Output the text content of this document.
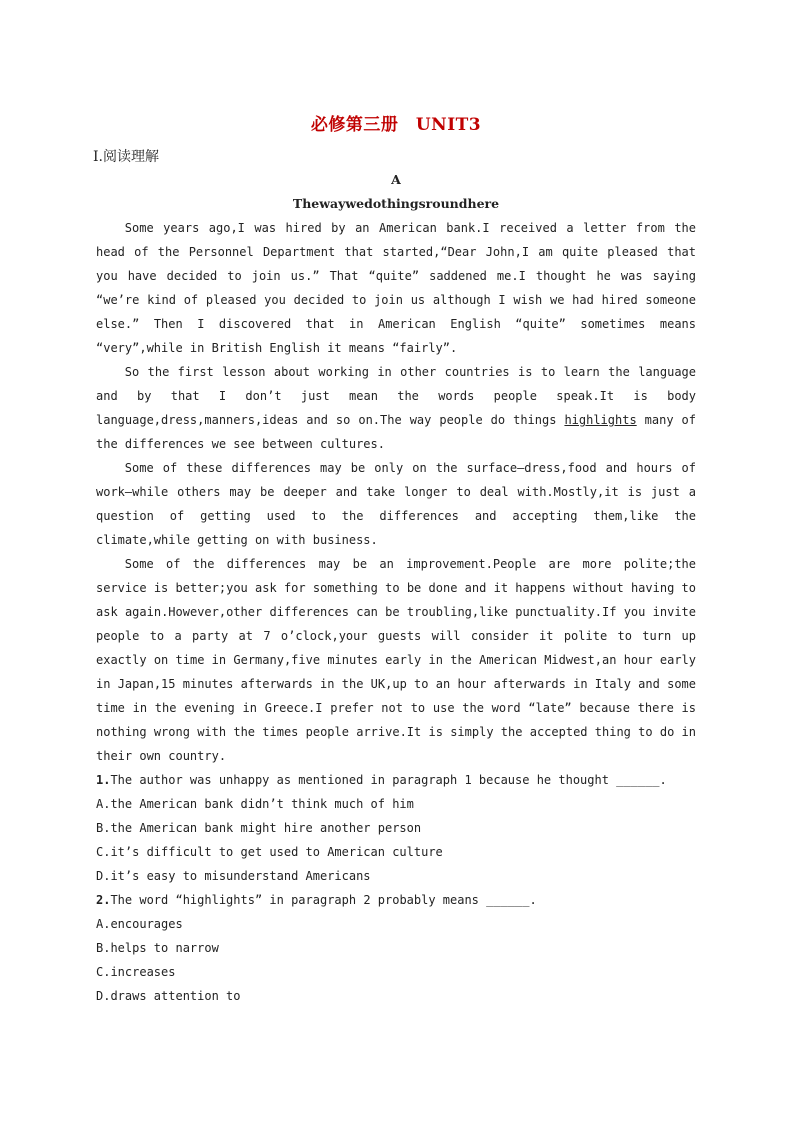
必修第三册　UNIT3
Ⅰ.阅读理解
A
Thewaywedothingsroundhere

Some years ago,I was hired by an American bank.I received a letter from the head of the Personnel Department that started,“Dear John,I am quite pleased that you have decided to join us.” That “quite” saddened me.I thought he was saying “we’re kind of pleased you decided to join us although I wish we had hired someone else.” Then I discovered that in American English “quite” sometimes means “very”,while in British English it means “fairly”.

So the first lesson about working in other countries is to learn the language and by that I don’t just mean the words people speak.It is body language,dress,manners,ideas and so on.The way people do things highlights many of the differences we see between cultures.

Some of these differences may be only on the surface—dress,food and hours of work—while others may be deeper and take longer to deal with.Mostly,it is just a question of getting used to the differences and accepting them,like the climate,while getting on with business.

Some of the differences may be an improvement.People are more polite;the service is better;you ask for something to be done and it happens without having to ask again.However,other differences can be troubling,like punctuality.If you invite people to a party at 7 o’clock,your guests will consider it polite to turn up exactly on time in Germany,five minutes early in the American Midwest,an hour early in Japan,15 minutes afterwards in the UK,up to an hour afterwards in Italy and some time in the evening in Greece.I prefer not to use the word “late” because there is nothing wrong with the times people arrive.It is simply the accepted thing to do in their own country.

1.The author was unhappy as mentioned in paragraph 1 because he thought ______.
A.the American bank didn’t think much of him
B.the American bank might hire another person
C.it’s difficult to get used to American culture
D.it’s easy to misunderstand Americans
2.The word “highlights” in paragraph 2 probably means ______.
A.encourages
B.helps to narrow
C.increases
D.draws attention to
